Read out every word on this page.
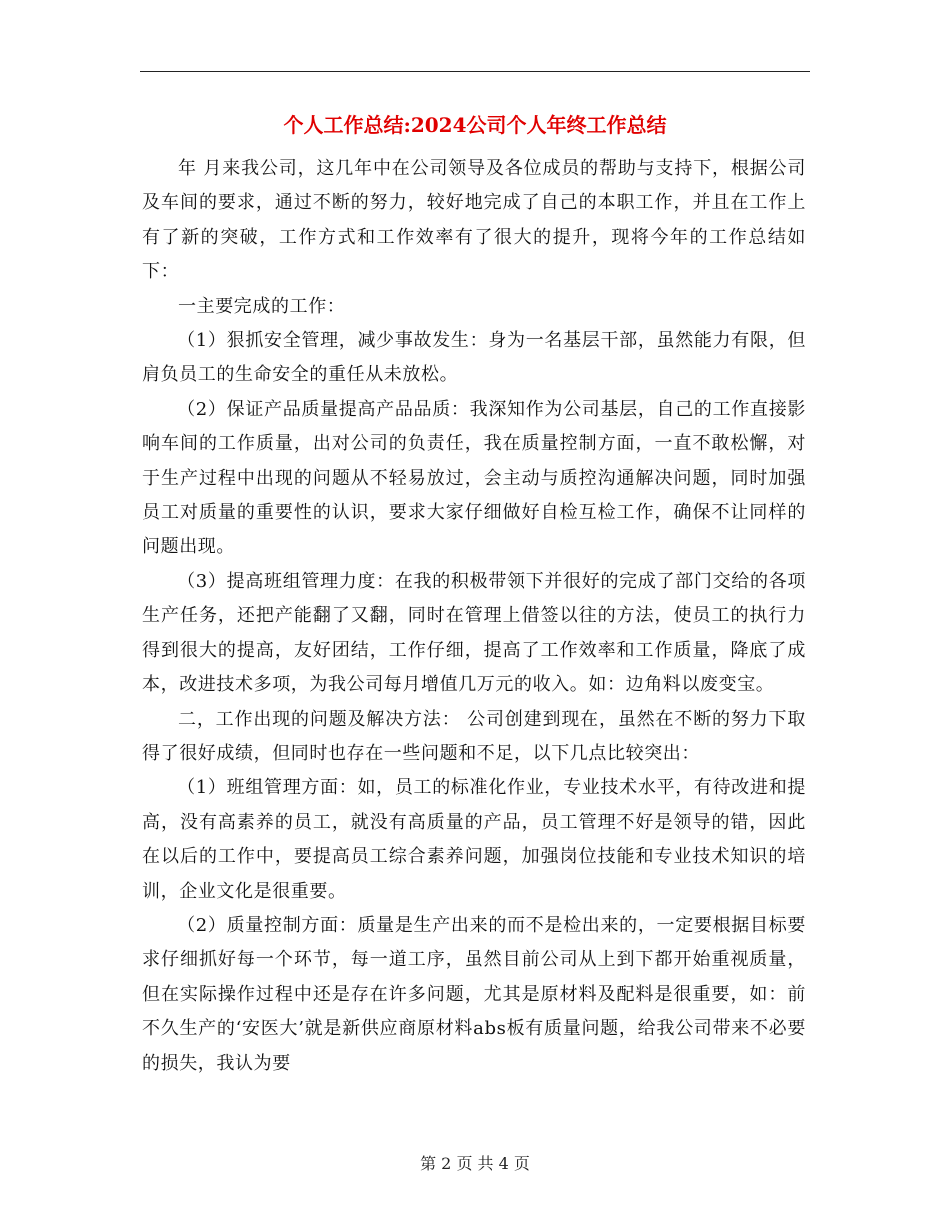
个人工作总结:2024公司个人年终工作总结

年 月来我公司，这几年中在公司领导及各位成员的帮助与支持下，根据公司及车间的要求，通过不断的努力，较好地完成了自己的本职工作，并且在工作上有了新的突破，工作方式和工作效率有了很大的提升，现将今年的工作总结如下：

一主要完成的工作：

（1）狠抓安全管理，减少事故发生：身为一名基层干部，虽然能力有限，但肩负员工的生命安全的重任从未放松。

（2）保证产品质量提高产品品质：我深知作为公司基层，自己的工作直接影响车间的工作质量，出对公司的负责任，我在质量控制方面，一直不敢松懈，对于生产过程中出现的问题从不轻易放过，会主动与质控沟通解决问题，同时加强员工对质量的重要性的认识，要求大家仔细做好自检互检工作，确保不让同样的问题出现。

（3）提高班组管理力度：在我的积极带领下并很好的完成了部门交给的各项生产任务，还把产能翻了又翻，同时在管理上借签以往的方法，使员工的执行力得到很大的提高，友好团结，工作仔细，提高了工作效率和工作质量，降底了成本，改进技术多项，为我公司每月增值几万元的收入。如：边角料以废变宝。

二，工作出现的问题及解决方法： 公司创建到现在，虽然在不断的努力下取得了很好成绩，但同时也存在一些问题和不足，以下几点比较突出：

（1）班组管理方面：如，员工的标准化作业，专业技术水平，有待改进和提高，没有高素养的员工，就没有高质量的产品，员工管理不好是领导的错，因此在以后的工作中，要提高员工综合素养问题，加强岗位技能和专业技术知识的培训，企业文化是很重要。

（2）质量控制方面：质量是生产出来的而不是检出来的，一定要根据目标要求仔细抓好每一个环节，每一道工序，虽然目前公司从上到下都开始重视质量，但在实际操作过程中还是存在许多问题，尤其是原材料及配料是很重要，如：前不久生产的‘安医大’就是新供应商原材料abs板有质量问题，给我公司带来不必要的损失，我认为要

第 2 页 共 4 页
